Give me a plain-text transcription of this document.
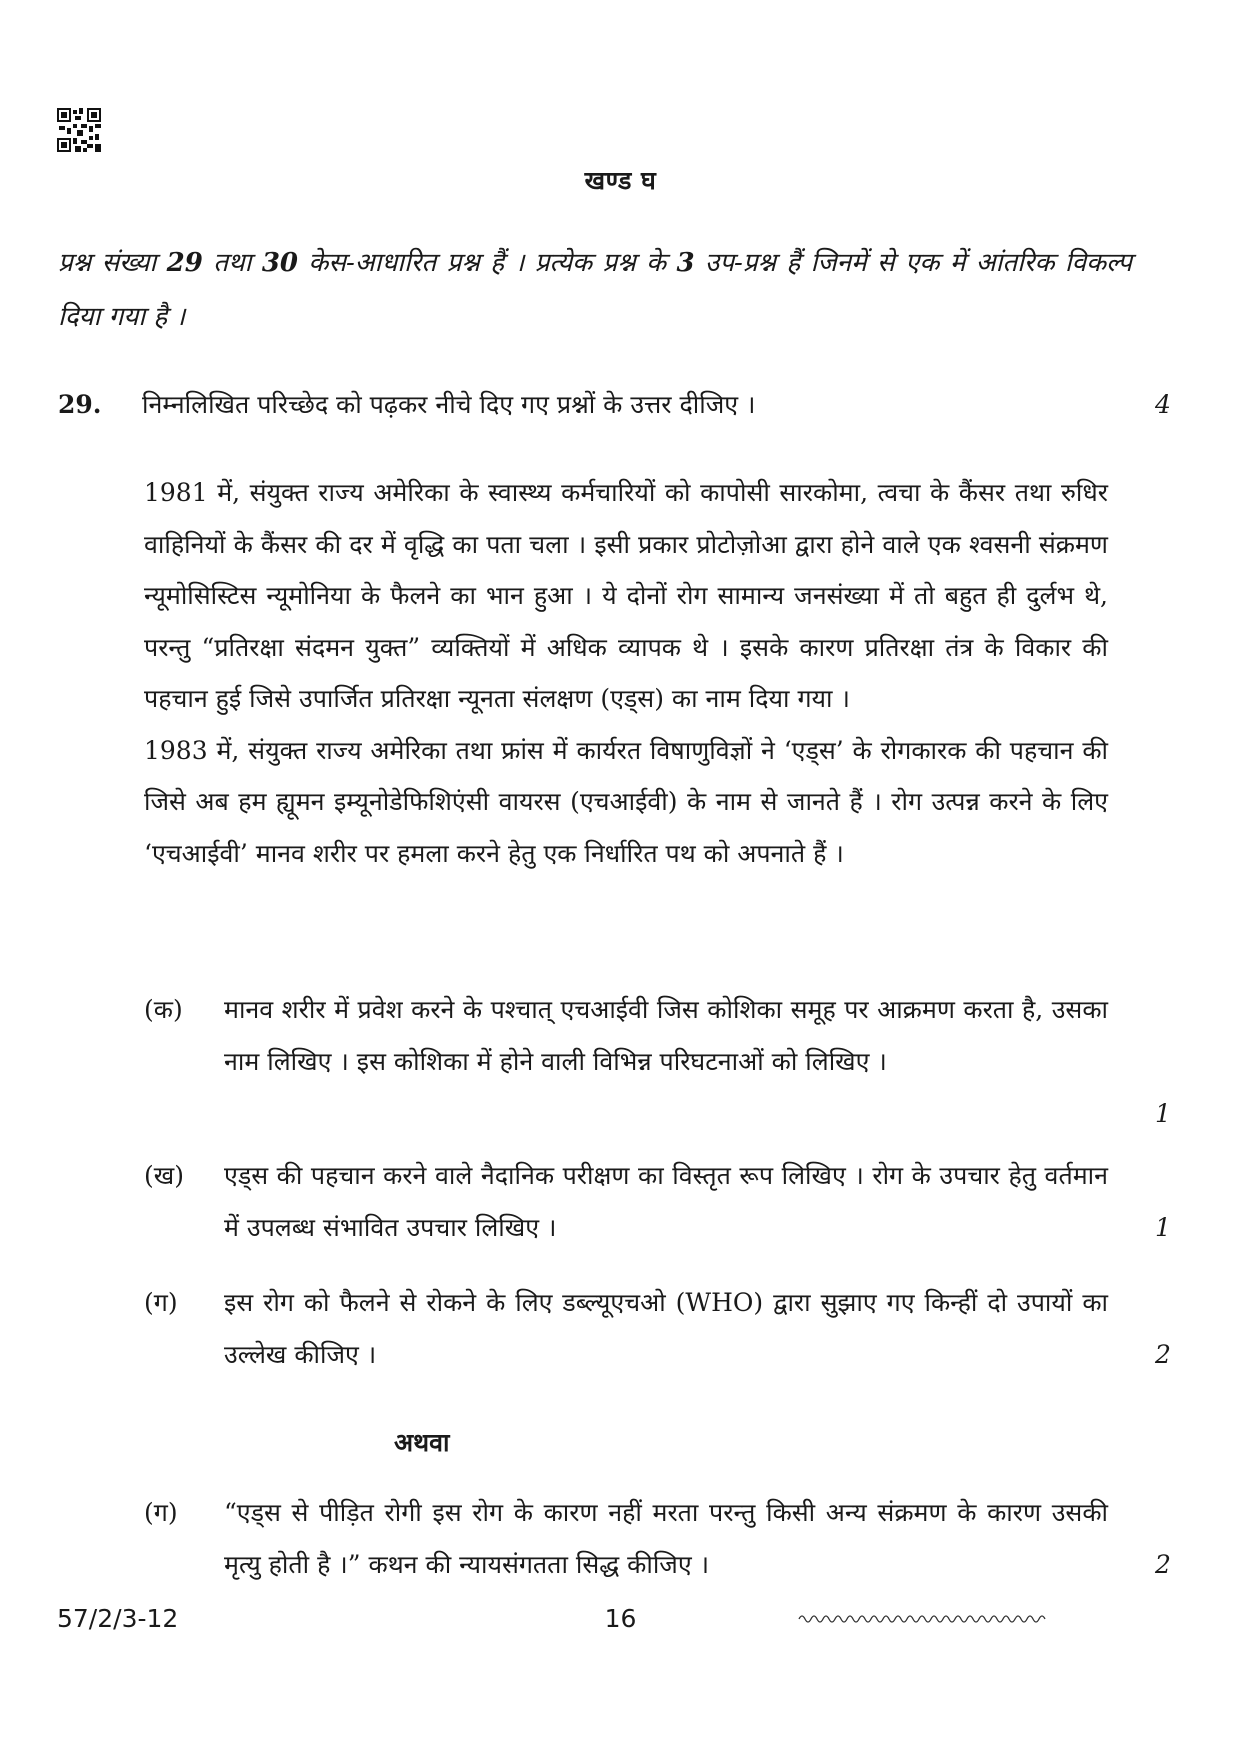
खण्ड घ
प्रश्न संख्या 29 तथा 30 केस-आधारित प्रश्न हैं । प्रत्येक प्रश्न के 3 उप-प्रश्न हैं जिनमें से एक में आंतरिक विकल्प दिया गया है ।
29. निम्नलिखित परिच्छेद को पढ़कर नीचे दिए गए प्रश्नों के उत्तर दीजिए ।	4

1981 में, संयुक्त राज्य अमेरिका के स्वास्थ्य कर्मचारियों को कापोसी सारकोमा, त्वचा के कैंसर तथा रुधिर वाहिनियों के कैंसर की दर में वृद्धि का पता चला । इसी प्रकार प्रोटोज़ोआ द्वारा होने वाले एक श्वसनी संक्रमण न्यूमोसिस्टिस न्यूमोनिया के फैलने का भान हुआ । ये दोनों रोग सामान्य जनसंख्या में तो बहुत ही दुर्लभ थे, परन्तु “प्रतिरक्षा संदमन युक्त” व्यक्तियों में अधिक व्यापक थे । इसके कारण प्रतिरक्षा तंत्र के विकार की पहचान हुई जिसे उपार्जित प्रतिरक्षा न्यूनता संलक्षण (एड्स) का नाम दिया गया ।

1983 में, संयुक्त राज्य अमेरिका तथा फ्रांस में कार्यरत विषाणुविज्ञों ने ‘एड्स’ के रोगकारक की पहचान की जिसे अब हम ह्यूमन इम्यूनोडेफिशिएंसी वायरस (एचआईवी) के नाम से जानते हैं । रोग उत्पन्न करने के लिए ‘एचआईवी’ मानव शरीर पर हमला करने हेतु एक निर्धारित पथ को अपनाते हैं ।

(क) मानव शरीर में प्रवेश करने के पश्चात् एचआईवी जिस कोशिका समूह पर आक्रमण करता है, उसका नाम लिखिए । इस कोशिका में होने वाली विभिन्न परिघटनाओं को लिखिए ।
1
(ख) एड्स की पहचान करने वाले नैदानिक परीक्षण का विस्तृत रूप लिखिए । रोग के उपचार हेतु वर्तमान में उपलब्ध संभावित उपचार लिखिए ।	1
(ग) इस रोग को फैलने से रोकने के लिए डब्ल्यूएचओ (WHO) द्वारा सुझाए गए किन्हीं दो उपायों का उल्लेख कीजिए ।	2
अथवा
(ग) “एड्स से पीड़ित रोगी इस रोग के कारण नहीं मरता परन्तु किसी अन्य संक्रमण के कारण उसकी मृत्यु होती है ।” कथन की न्यायसंगतता सिद्ध कीजिए ।	2
57/2/3-12	16
